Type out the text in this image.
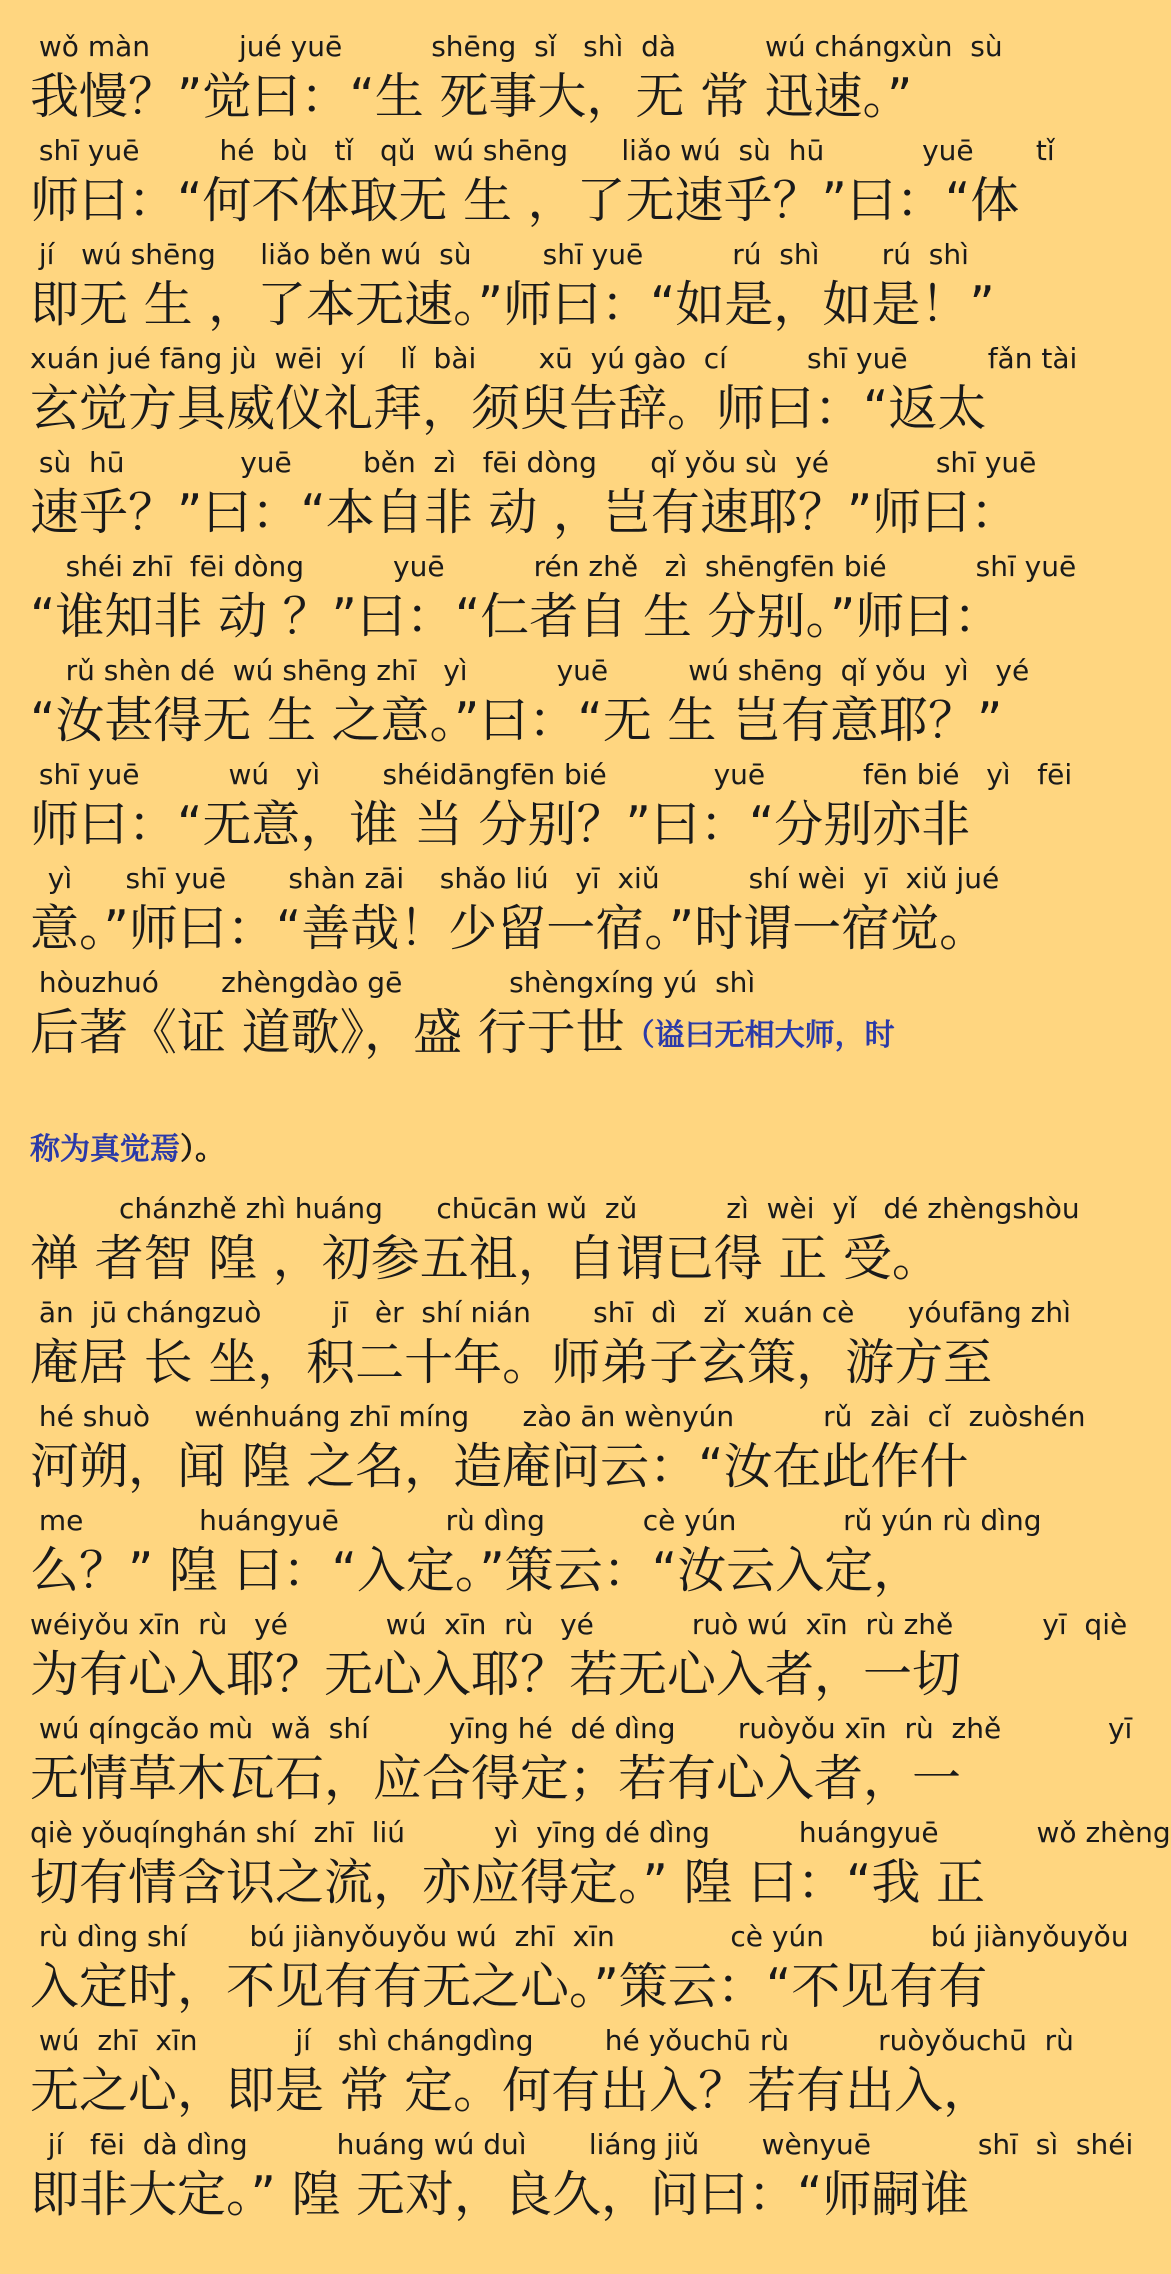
wǒ màn          jué yuē          shēng  sǐ   shì  dà          wú chángxùn  sù
我慢？”觉曰：“生 死事大，无 常 迅速。”
shī yuē         hé  bù   tǐ   qǔ  wú shēng      liǎo wú  sù  hū           yuē       tǐ
师曰：“何不体取无 生 ，了无速乎？”曰：“体
jí   wú shēng     liǎo běn wú  sù        shī yuē          rú  shì       rú  shì
即无 生 ，了本无速。”师曰：“如是，如是！”
xuán jué fāng jù  wēi  yí    lǐ  bài       xū  yú gào  cí         shī yuē         fǎn tài
玄觉方具威仪礼拜，须臾告辞。师曰：“返太
sù  hū             yuē        běn  zì   fēi dòng      qǐ yǒu sù  yé            shī yuē
速乎？”曰：“本自非 动 ，岂有速耶？”师曰：
shéi zhī  fēi dòng          yuē          rén zhě   zì  shēngfēn bié          shī yuē
“谁知非 动 ？”曰：“仁者自 生 分别。”师曰：
rǔ shèn dé  wú shēng zhī   yì          yuē         wú shēng  qǐ yǒu  yì   yé
“汝甚得无 生 之意。”曰：“无 生 岂有意耶？”
shī yuē          wú   yì       shéidāngfēn bié            yuē           fēn bié   yì   fēi
师曰：“无意，谁 当 分别？”曰：“分别亦非
yì      shī yuē       shàn zāi    shǎo liú   yī  xiǔ          shí wèi  yī  xiǔ jué
意。”师曰：“善哉！少留一宿。”时谓一宿觉。
hòuzhuó       zhèngdào gē            shèngxíng yú  shì
后著《证 道歌》，盛 行于世（谥曰无相大师，时
称为真觉焉）。
chánzhě zhì huáng      chūcān wǔ  zǔ          zì  wèi  yǐ   dé zhèngshòu
禅 者智 隍 ，初参五祖，自谓已得 正 受。
ān  jū chángzuò        jī   èr  shí nián       shī  dì   zǐ  xuán cè      yóufāng zhì
庵居 长 坐，积二十年。师弟子玄策，游方至
hé shuò     wénhuáng zhī míng      zào ān wènyún          rǔ  zài  cǐ  zuòshén
河朔，闻 隍 之名，造庵问云：“汝在此作什
me             huángyuē            rù dìng           cè yún            rǔ yún rù dìng
么？” 隍 曰：“入定。”策云：“汝云入定，
wéiyǒu xīn  rù   yé           wú  xīn  rù   yé           ruò wú  xīn  rù zhě          yī  qiè
为有心入耶？无心入耶？若无心入者，一切
wú qíngcǎo mù  wǎ  shí         yīng hé  dé dìng       ruòyǒu xīn  rù  zhě            yī
无情草木瓦石，应合得定；若有心入者，一
qiè yǒuqínghán shí  zhī  liú          yì  yīng dé dìng          huángyuē           wǒ zhèng
切有情含识之流，亦应得定。” 隍 曰：“我 正
rù dìng shí       bú jiànyǒuyǒu wú  zhī  xīn             cè yún            bú jiànyǒuyǒu
入定时，不见有有无之心。”策云：“不见有有
wú  zhī  xīn           jí   shì chángdìng        hé yǒuchū rù          ruòyǒuchū  rù
无之心，即是 常 定。何有出入？若有出入，
jí   fēi  dà dìng          huáng wú duì       liáng jiǔ       wènyuē            shī  sì  shéi
即非大定。” 隍 无对，良久，问曰：“师嗣谁
